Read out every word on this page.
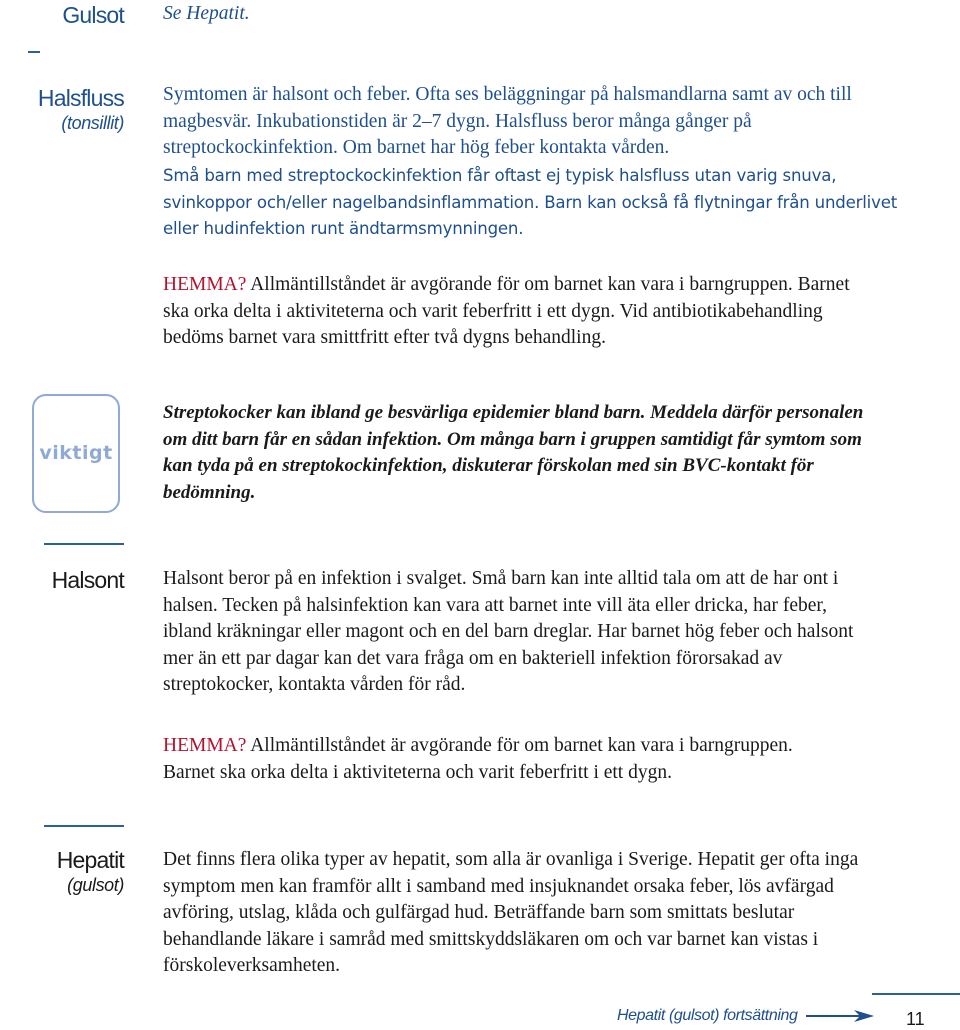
Gulsot Se Hepatit.

Halsfluss
(tonsillit)
Symtomen är halsont och feber. Ofta ses beläggningar på halsmandlarna samt av och till magbesvär. Inkubationstiden är 2–7 dygn. Halsfluss beror många gånger på streptockockinfektion. Om barnet har hög feber kontakta vården.
Små barn med streptockockinfektion får oftast ej typisk halsfluss utan varig snuva, svinkoppor och/eller nagelbandsinflammation. Barn kan också få flytningar från underlivet eller hudinfektion runt ändtarmsmynningen.
HEMMA? Allmäntillståndet är avgörande för om barnet kan vara i barngruppen. Barnet ska orka delta i aktiviteterna och varit feberfritt i ett dygn. Vid antibiotikabehandling bedöms barnet vara smittfritt efter två dygns behandling.
viktigt
Streptokocker kan ibland ge besvärliga epidemier bland barn. Meddela därför personalen om ditt barn får en sådan infektion. Om många barn i gruppen samtidigt får symtom som kan tyda på en streptokockinfektion, diskuterar förskolan med sin BVC-kontakt för bedömning.
Halsont Halsont beror på en infektion i svalget. Små barn kan inte alltid tala om att de har ont i halsen. Tecken på halsinfektion kan vara att barnet inte vill äta eller dricka, har feber, ibland kräkningar eller magont och en del barn dreglar. Har barnet hög feber och halsont mer än ett par dagar kan det vara fråga om en bakteriell infektion förorsakad av streptokocker, kontakta vården för råd.
HEMMA? Allmäntillståndet är avgörande för om barnet kan vara i barngruppen. Barnet ska orka delta i aktiviteterna och varit feberfritt i ett dygn.
Hepatit
(gulsot)
Det finns flera olika typer av hepatit, som alla är ovanliga i Sverige. Hepatit ger ofta inga symptom men kan framför allt i samband med insjuknandet orsaka feber, lös avfärgad avföring, utslag, klåda och gulfärgad hud. Beträffande barn som smittats beslutar behandlande läkare i samråd med smittskyddsläkaren om och var barnet kan vistas i förskoleverksamheten.
Hepatit (gulsot) fortsättning	11
